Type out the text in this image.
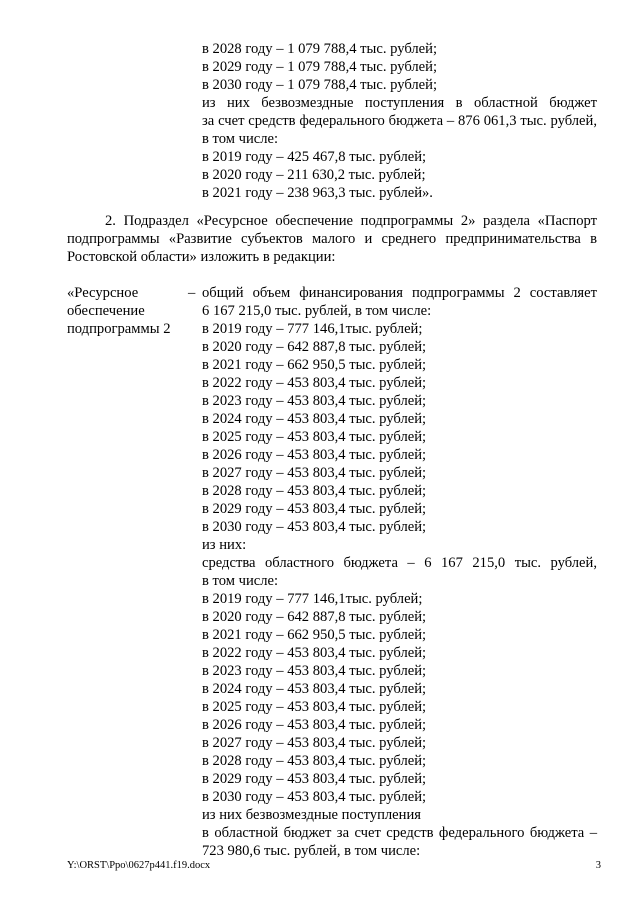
в 2028 году – 1 079 788,4 тыс. рублей;
в 2029 году – 1 079 788,4 тыс. рублей;
в 2030 году – 1 079 788,4 тыс. рублей;
из них безвозмездные поступления в областной бюджет
за счет средств федерального бюджета – 876 061,3 тыс. рублей,
в том числе:
в 2019 году – 425 467,8 тыс. рублей;
в 2020 году – 211 630,2 тыс. рублей;
в 2021 году – 238 963,3 тыс. рублей».
2. Подраздел «Ресурсное обеспечение подпрограммы 2» раздела «Паспорт
подпрограммы «Развитие субъектов малого и среднего предпринимательства в
Ростовской области» изложить в редакции:
«Ресурсное
обеспечение
подпрограммы 2
– общий объем финансирования подпрограммы 2 составляет
6 167 215,0 тыс. рублей, в том числе:
в 2019 году – 777 146,1тыс. рублей;
в 2020 году – 642 887,8 тыс. рублей;
в 2021 году – 662 950,5 тыс. рублей;
в 2022 году – 453 803,4 тыс. рублей;
в 2023 году – 453 803,4 тыс. рублей;
в 2024 году – 453 803,4 тыс. рублей;
в 2025 году – 453 803,4 тыс. рублей;
в 2026 году – 453 803,4 тыс. рублей;
в 2027 году – 453 803,4 тыс. рублей;
в 2028 году – 453 803,4 тыс. рублей;
в 2029 году – 453 803,4 тыс. рублей;
в 2030 году – 453 803,4 тыс. рублей;
из них:
средства областного бюджета – 6 167 215,0 тыс. рублей,
в том числе:
в 2019 году – 777 146,1тыс. рублей;
в 2020 году – 642 887,8 тыс. рублей;
в 2021 году – 662 950,5 тыс. рублей;
в 2022 году – 453 803,4 тыс. рублей;
в 2023 году – 453 803,4 тыс. рублей;
в 2024 году – 453 803,4 тыс. рублей;
в 2025 году – 453 803,4 тыс. рублей;
в 2026 году – 453 803,4 тыс. рублей;
в 2027 году – 453 803,4 тыс. рублей;
в 2028 году – 453 803,4 тыс. рублей;
в 2029 году – 453 803,4 тыс. рублей;
в 2030 году – 453 803,4 тыс. рублей;
из них безвозмездные поступления
в областной бюджет за счет средств федерального бюджета –
723 980,6 тыс. рублей, в том числе:
Y:\ORST\Ppo\0627p441.f19.docx	3
